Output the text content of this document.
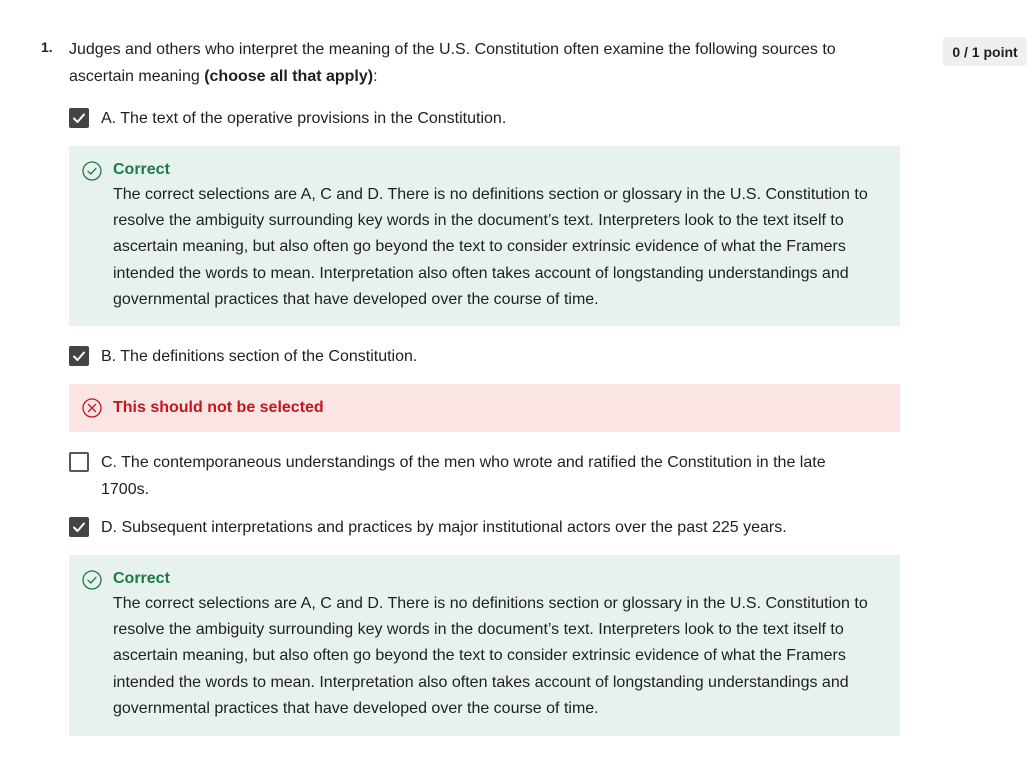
1. Judges and others who interpret the meaning of the U.S. Constitution often examine the following sources to ascertain meaning (choose all that apply):
0 / 1 point
A. The text of the operative provisions in the Constitution.
Correct
The correct selections are A, C and D. There is no definitions section or glossary in the U.S. Constitution to resolve the ambiguity surrounding key words in the document’s text. Interpreters look to the text itself to ascertain meaning, but also often go beyond the text to consider extrinsic evidence of what the Framers intended the words to mean. Interpretation also often takes account of longstanding understandings and governmental practices that have developed over the course of time.
B. The definitions section of the Constitution.
This should not be selected
C. The contemporaneous understandings of the men who wrote and ratified the Constitution in the late 1700s.
D. Subsequent interpretations and practices by major institutional actors over the past 225 years.
Correct
The correct selections are A, C and D. There is no definitions section or glossary in the U.S. Constitution to resolve the ambiguity surrounding key words in the document’s text. Interpreters look to the text itself to ascertain meaning, but also often go beyond the text to consider extrinsic evidence of what the Framers intended the words to mean. Interpretation also often takes account of longstanding understandings and governmental practices that have developed over the course of time.
